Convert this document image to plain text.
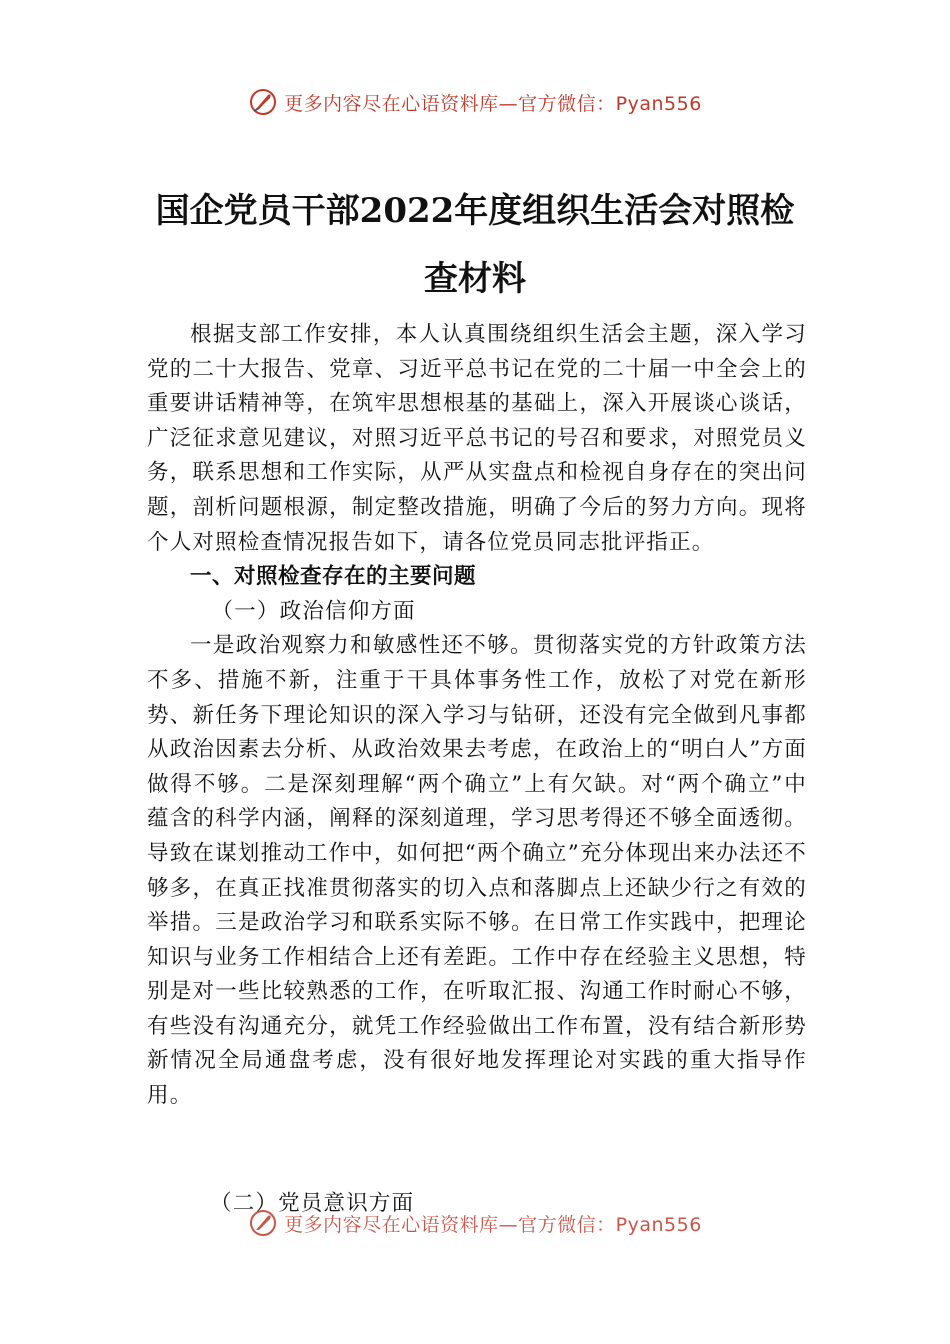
更多内容尽在心语资料库—官方微信：Pyan556
国企党员干部2022年度组织生活会对照检
查材料

根据支部工作安排，本人认真围绕组织生活会主题，深入学习党的二十大报告、党章、习近平总书记在党的二十届一中全会上的重要讲话精神等，在筑牢思想根基的基础上，深入开展谈心谈话，广泛征求意见建议，对照习近平总书记的号召和要求，对照党员义务，联系思想和工作实际，从严从实盘点和检视自身存在的突出问题，剖析问题根源，制定整改措施，明确了今后的努力方向。现将个人对照检查情况报告如下，请各位党员同志批评指正。

一、对照检查存在的主要问题

（一）政治信仰方面

一是政治观察力和敏感性还不够。贯彻落实党的方针政策方法不多、措施不新，注重于干具体事务性工作，放松了对党在新形势、新任务下理论知识的深入学习与钻研，还没有完全做到凡事都从政治因素去分析、从政治效果去考虑，在政治上的“明白人”方面做得不够。二是深刻理解“两个确立”上有欠缺。对“两个确立”中蕴含的科学内涵，阐释的深刻道理，学习思考得还不够全面透彻。导致在谋划推动工作中，如何把“两个确立”充分体现出来办法还不够多，在真正找准贯彻落实的切入点和落脚点上还缺少行之有效的举措。三是政治学习和联系实际不够。在日常工作实践中，把理论知识与业务工作相结合上还有差距。工作中存在经验主义思想，特别是对一些比较熟悉的工作，在听取汇报、沟通工作时耐心不够，有些没有沟通充分，就凭工作经验做出工作布置，没有结合新形势新情况全局通盘考虑，没有很好地发挥理论对实践的重大指导作用。

（二）党员意识方面
更多内容尽在心语资料库—官方微信：Pyan556
